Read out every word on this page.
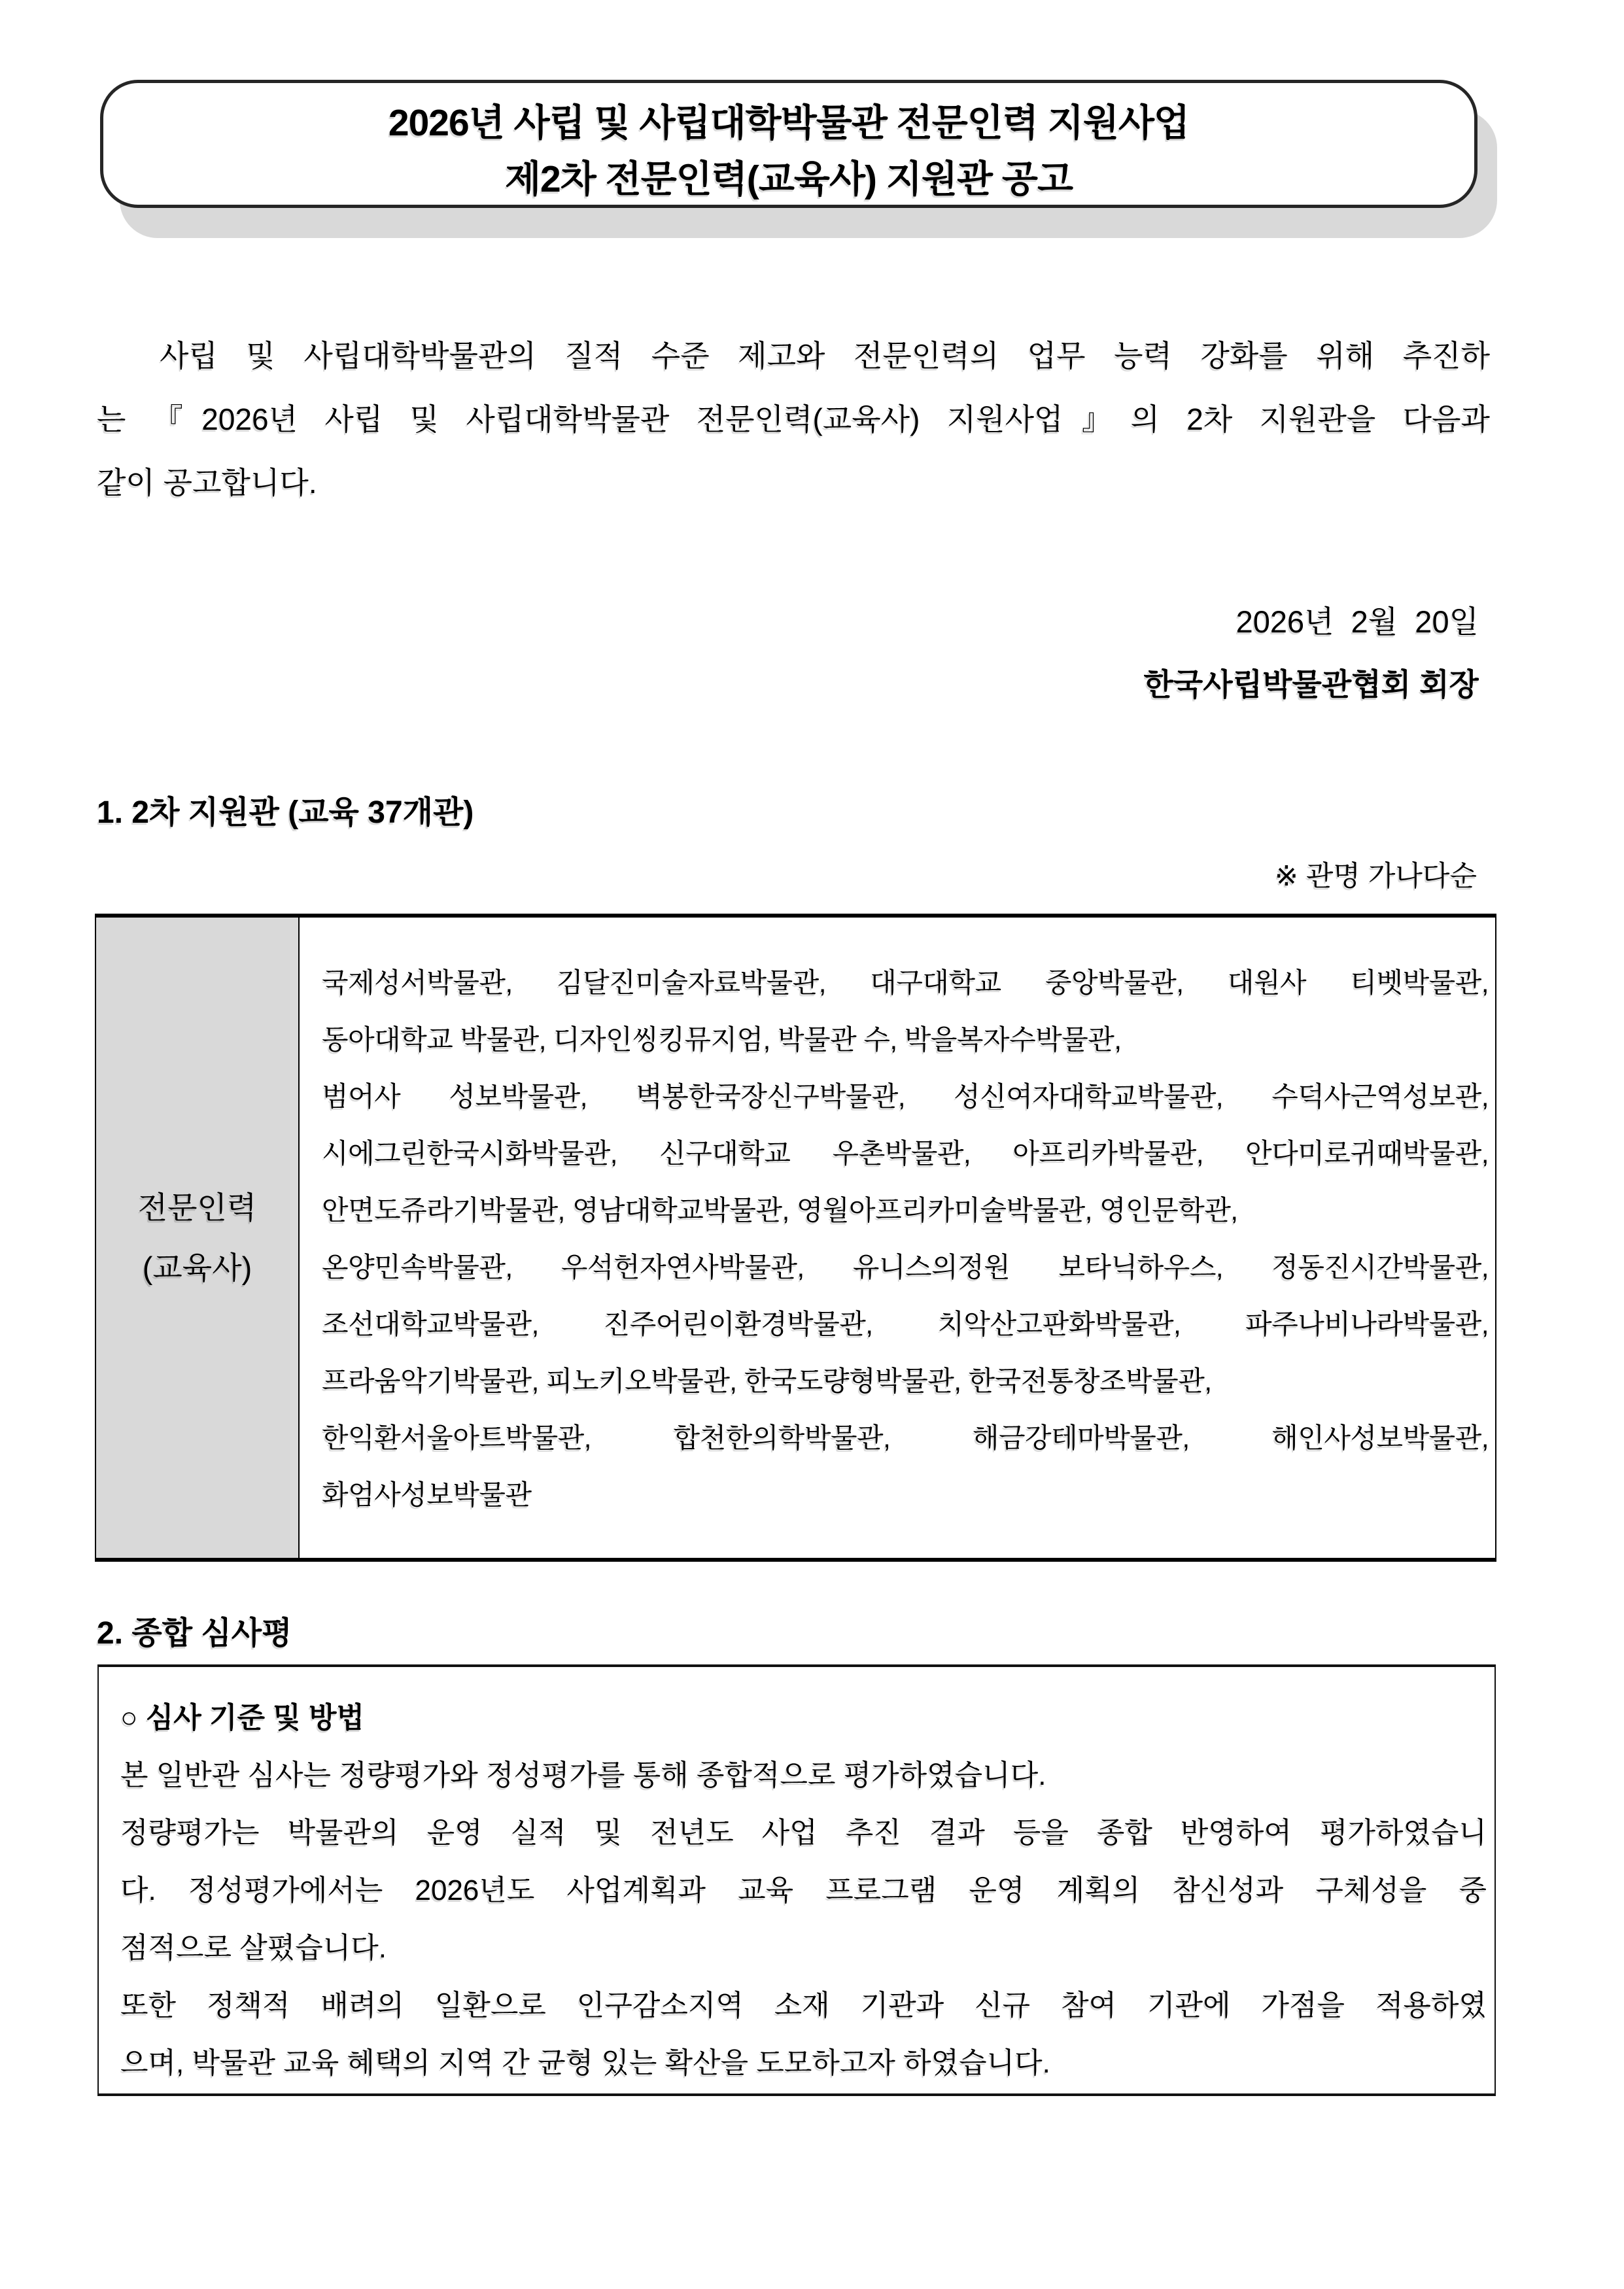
2026년 사립 및 사립대학박물관 전문인력 지원사업
제2차 전문인력(교육사) 지원관 공고
사립 및 사립대학박물관의 질적 수준 제고와 전문인력의 업무 능력 강화를 위해 추진하
는 『2026년 사립 및 사립대학박물관 전문인력(교육사) 지원사업』의 2차 지원관을 다음과
같이 공고합니다.
2026년  2월  20일
한국사립박물관협회 회장
1. 2차 지원관 (교육 37개관)
※ 관명 가나다순
전문인력
(교육사)
국제성서박물관, 김달진미술자료박물관, 대구대학교 중앙박물관, 대원사 티벳박물관,
동아대학교 박물관, 디자인씽킹뮤지엄, 박물관 수, 박을복자수박물관,
범어사 성보박물관, 벽봉한국장신구박물관, 성신여자대학교박물관, 수덕사근역성보관,
시에그린한국시화박물관, 신구대학교 우촌박물관, 아프리카박물관, 안다미로귀때박물관,
안면도쥬라기박물관, 영남대학교박물관, 영월아프리카미술박물관, 영인문학관,
온양민속박물관, 우석헌자연사박물관, 유니스의정원 보타닉하우스, 정동진시간박물관,
조선대학교박물관, 진주어린이환경박물관, 치악산고판화박물관, 파주나비나라박물관,
프라움악기박물관, 피노키오박물관, 한국도량형박물관, 한국전통창조박물관,
한익환서울아트박물관, 합천한의학박물관, 해금강테마박물관, 해인사성보박물관,
화엄사성보박물관
2. 종합 심사평
○ 심사 기준 및 방법
본 일반관 심사는 정량평가와 정성평가를 통해 종합적으로 평가하였습니다.
정량평가는 박물관의 운영 실적 및 전년도 사업 추진 결과 등을 종합 반영하여 평가하였습니
다. 정성평가에서는 2026년도 사업계획과 교육 프로그램 운영 계획의 참신성과 구체성을 중
점적으로 살폈습니다.
또한 정책적 배려의 일환으로 인구감소지역 소재 기관과 신규 참여 기관에 가점을 적용하였
으며, 박물관 교육 혜택의 지역 간 균형 있는 확산을 도모하고자 하였습니다.
